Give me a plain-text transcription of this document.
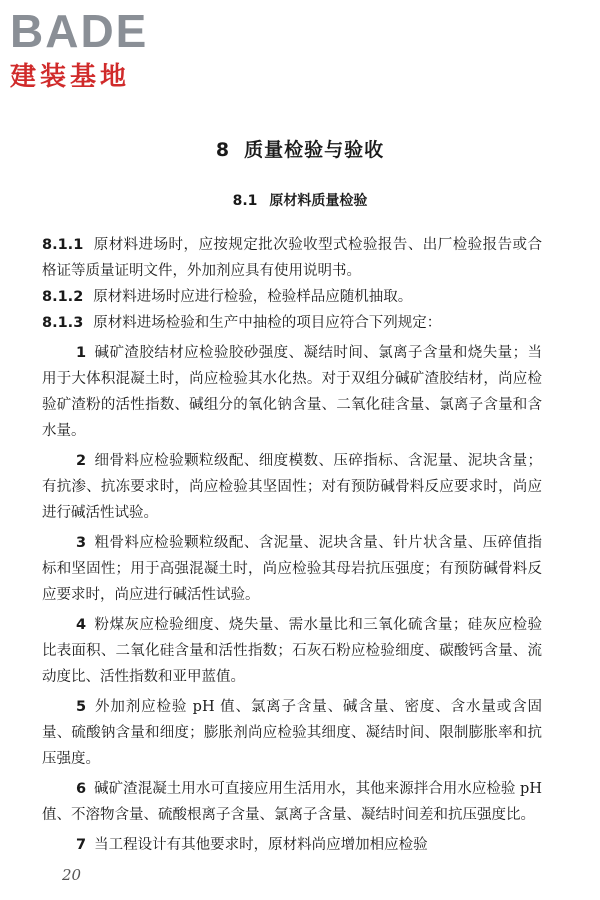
BADE
建装基地
8 质量检验与验收
8.1 原材料质量检验

8.1.1 原材料进场时，应按规定批次验收型式检验报告、出厂检验报告或合格证等质量证明文件，外加剂应具有使用说明书。

8.1.2 原材料进场时应进行检验，检验样品应随机抽取。

8.1.3 原材料进场检验和生产中抽检的项目应符合下列规定：

1 碱矿渣胶结材应检验胶砂强度、凝结时间、氯离子含量和烧失量；当用于大体积混凝土时，尚应检验其水化热。对于双组分碱矿渣胶结材，尚应检验矿渣粉的活性指数、碱组分的氧化钠含量、二氧化硅含量、氯离子含量和含水量。

2 细骨料应检验颗粒级配、细度模数、压碎指标、含泥量、泥块含量；有抗渗、抗冻要求时，尚应检验其坚固性；对有预防碱骨料反应要求时，尚应进行碱活性试验。

3 粗骨料应检验颗粒级配、含泥量、泥块含量、针片状含量、压碎值指标和坚固性；用于高强混凝土时，尚应检验其母岩抗压强度；有预防碱骨料反应要求时，尚应进行碱活性试验。

4 粉煤灰应检验细度、烧失量、需水量比和三氧化硫含量；硅灰应检验比表面积、二氧化硅含量和活性指数；石灰石粉应检验细度、碳酸钙含量、流动度比、活性指数和亚甲蓝值。

5 外加剂应检验 pH 值、氯离子含量、碱含量、密度、含水量或含固量、硫酸钠含量和细度；膨胀剂尚应检验其细度、凝结时间、限制膨胀率和抗压强度。

6 碱矿渣混凝土用水可直接应用生活用水，其他来源拌合用水应检验 pH 值、不溶物含量、硫酸根离子含量、氯离子含量、凝结时间差和抗压强度比。

7 当工程设计有其他要求时，原材料尚应增加相应检验

20
